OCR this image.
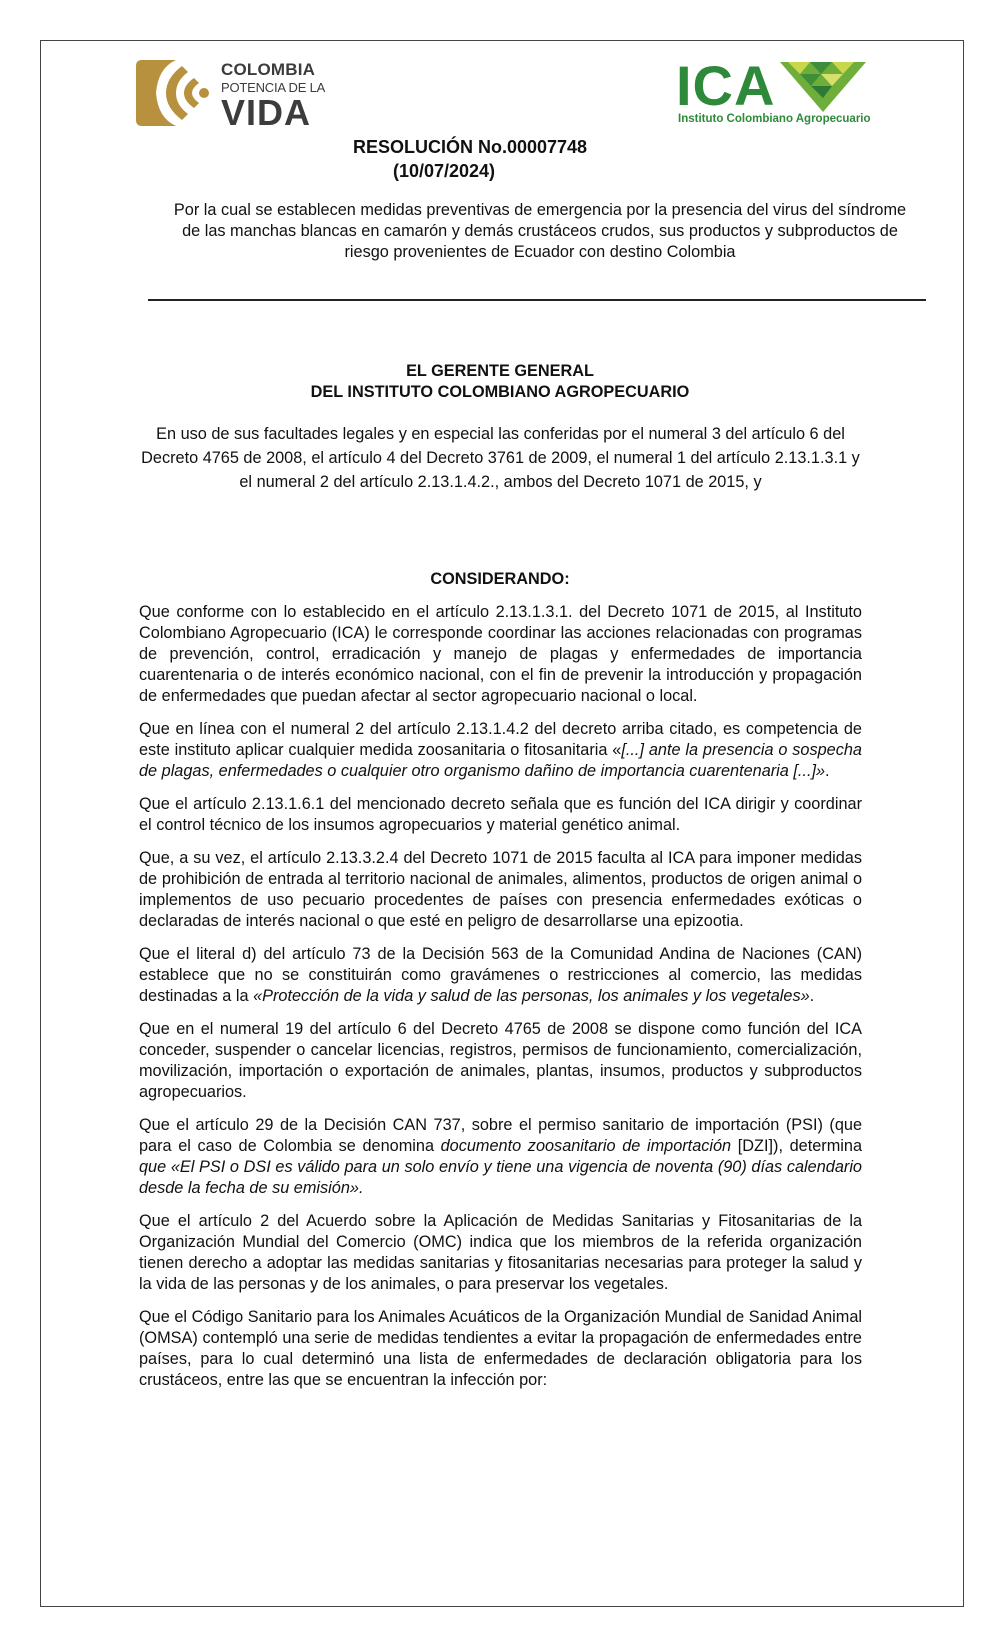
COLOMBIA
POTENCIA DE LA
VIDA	ICA
Instituto Colombiano Agropecuario
RESOLUCIÓN No.00007748
(10/07/2024)
Por la cual se establecen medidas preventivas de emergencia por la presencia del virus del síndrome de las manchas blancas en camarón y demás crustáceos crudos, sus productos y subproductos de riesgo provenientes de Ecuador con destino Colombia
EL GERENTE GENERAL
DEL INSTITUTO COLOMBIANO AGROPECUARIO
En uso de sus facultades legales y en especial las conferidas por el numeral 3 del artículo 6 del Decreto 4765 de 2008, el artículo 4 del Decreto 3761 de 2009, el numeral 1 del artículo 2.13.1.3.1 y el numeral 2 del artículo 2.13.1.4.2., ambos del Decreto 1071 de 2015, y
CONSIDERANDO:

Que conforme con lo establecido en el artículo 2.13.1.3.1. del Decreto 1071 de 2015, al Instituto Colombiano Agropecuario (ICA) le corresponde coordinar las acciones relacionadas con programas de prevención, control, erradicación y manejo de plagas y enfermedades de importancia cuarentenaria o de interés económico nacional, con el fin de prevenir la introducción y propagación de enfermedades que puedan afectar al sector agropecuario nacional o local.

Que en línea con el numeral 2 del artículo 2.13.1.4.2 del decreto arriba citado, es competencia de este instituto aplicar cualquier medida zoosanitaria o fitosanitaria «[...] ante la presencia o sospecha de plagas, enfermedades o cualquier otro organismo dañino de importancia cuarentenaria [...]».

Que el artículo 2.13.1.6.1 del mencionado decreto señala que es función del ICA dirigir y coordinar el control técnico de los insumos agropecuarios y material genético animal.

Que, a su vez, el artículo 2.13.3.2.4 del Decreto 1071 de 2015 faculta al ICA para imponer medidas de prohibición de entrada al territorio nacional de animales, alimentos, productos de origen animal o implementos de uso pecuario procedentes de países con presencia enfermedades exóticas o declaradas de interés nacional o que esté en peligro de desarrollarse una epizootia.

Que el literal d) del artículo 73 de la Decisión 563 de la Comunidad Andina de Naciones (CAN) establece que no se constituirán como gravámenes o restricciones al comercio, las medidas destinadas a la «Protección de la vida y salud de las personas, los animales y los vegetales».

Que en el numeral 19 del artículo 6 del Decreto 4765 de 2008 se dispone como función del ICA conceder, suspender o cancelar licencias, registros, permisos de funcionamiento, comercialización, movilización, importación o exportación de animales, plantas, insumos, productos y subproductos agropecuarios.

Que el artículo 29 de la Decisión CAN 737, sobre el permiso sanitario de importación (PSI) (que para el caso de Colombia se denomina documento zoosanitario de importación [DZI]), determina que «El PSI o DSI es válido para un solo envío y tiene una vigencia de noventa (90) días calendario desde la fecha de su emisión».

Que el artículo 2 del Acuerdo sobre la Aplicación de Medidas Sanitarias y Fitosanitarias de la Organización Mundial del Comercio (OMC) indica que los miembros de la referida organización tienen derecho a adoptar las medidas sanitarias y fitosanitarias necesarias para proteger la salud y la vida de las personas y de los animales, o para preservar los vegetales.

Que el Código Sanitario para los Animales Acuáticos de la Organización Mundial de Sanidad Animal (OMSA) contempló una serie de medidas tendientes a evitar la propagación de enfermedades entre países, para lo cual determinó una lista de enfermedades de declaración obligatoria para los crustáceos, entre las que se encuentran la infección por:
